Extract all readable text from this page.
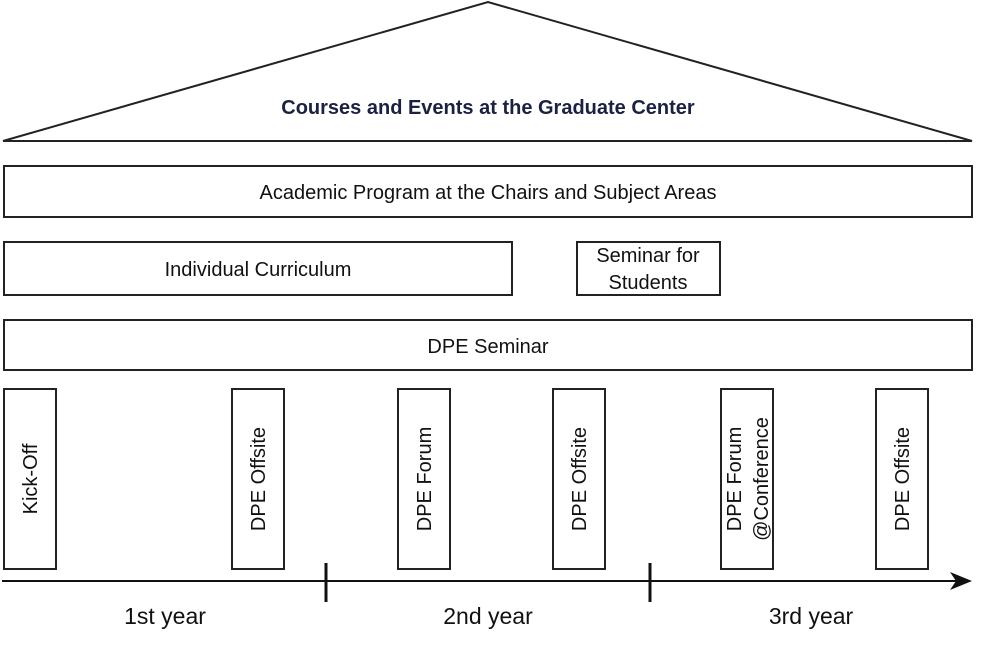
Courses and Events at the Graduate Center
Academic Program at the Chairs and Subject Areas
Individual Curriculum
Seminar for
Students
DPE Seminar
Kick-Off	DPE Offsite	DPE Forum	DPE Offsite	DPE Forum @Conference	DPE Offsite
1st year	2nd year	3rd year
